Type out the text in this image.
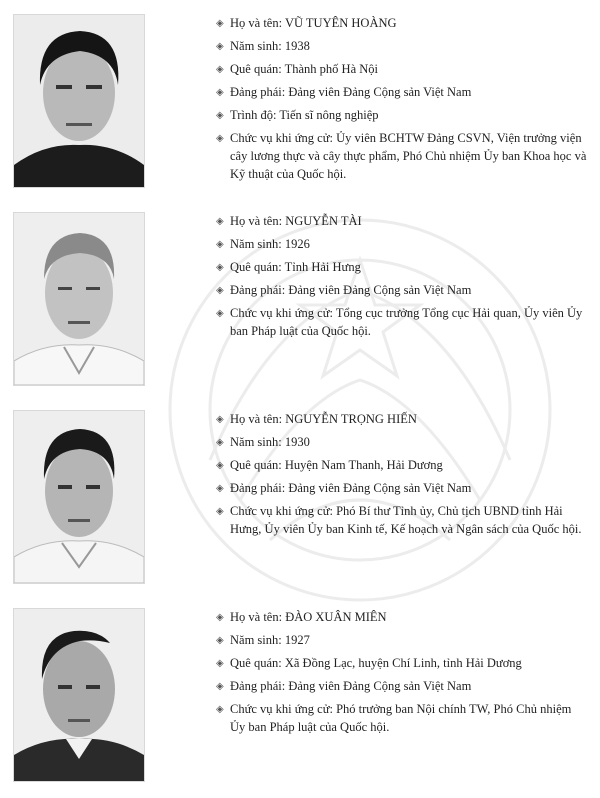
◈ Họ và tên: VŨ TUYÊN HOÀNG
◈ Năm sinh: 1938
◈ Quê quán: Thành phố Hà Nội
◈ Đảng phái: Đảng viên Đảng Cộng sản Việt Nam
◈ Trình độ: Tiến sĩ nông nghiệp
◈ Chức vụ khi ứng cử: Ủy viên BCHTW Đảng CSVN, Viện trưởng viện cây lương thực và cây thực phẩm, Phó Chủ nhiệm Ủy ban Khoa học và Kỹ thuật của Quốc hội.
◈ Họ và tên: NGUYỄN TÀI
◈ Năm sinh: 1926
◈ Quê quán: Tỉnh Hải Hưng
◈ Đảng phái: Đảng viên Đảng Cộng sản Việt Nam
◈ Chức vụ khi ứng cử: Tổng cục trưởng Tổng cục Hải quan, Ủy viên Ủy ban Pháp luật của Quốc hội.
◈ Họ và tên: NGUYỄN TRỌNG HIẾN
◈ Năm sinh: 1930
◈ Quê quán: Huyện Nam Thanh, Hải Dương
◈ Đảng phái: Đảng viên Đảng Cộng sản Việt Nam
◈ Chức vụ khi ứng cử: Phó Bí thư Tỉnh ủy, Chủ tịch UBND tỉnh Hải Hưng, Ủy viên Ủy ban Kinh tế, Kế hoạch và Ngân sách của Quốc hội.
◈ Họ và tên: ĐÀO XUÂN MIÊN
◈ Năm sinh: 1927
◈ Quê quán: Xã Đồng Lạc, huyện Chí Linh, tỉnh Hải Dương
◈ Đảng phái: Đảng viên Đảng Cộng sản Việt Nam
◈ Chức vụ khi ứng cử: Phó trưởng ban Nội chính TW, Phó Chủ nhiệm Ủy ban Pháp luật của Quốc hội.
